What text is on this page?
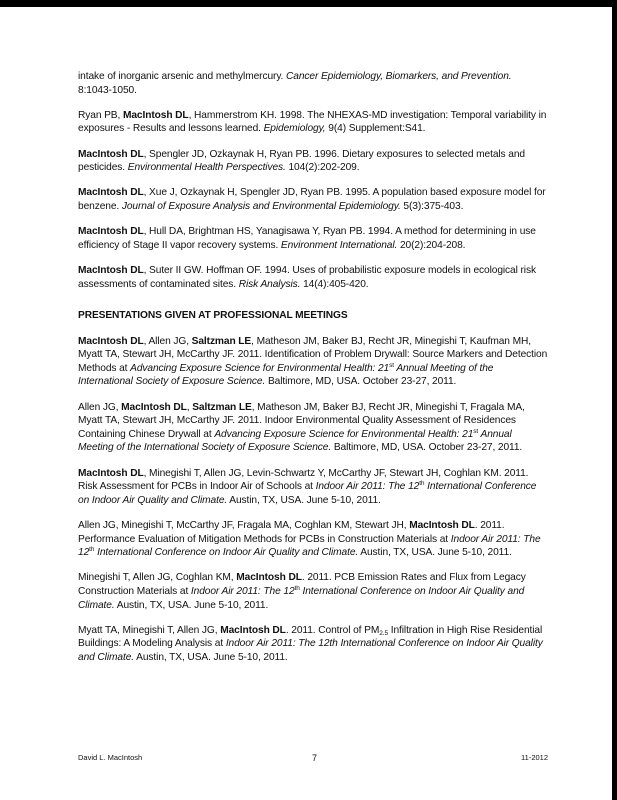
intake of inorganic arsenic and methylmercury. Cancer Epidemiology, Biomarkers, and Prevention. 8:1043-1050.
Ryan PB, MacIntosh DL, Hammerstrom KH. 1998. The NHEXAS-MD investigation: Temporal variability in exposures - Results and lessons learned. Epidemiology, 9(4) Supplement:S41.
MacIntosh DL, Spengler JD, Ozkaynak H, Ryan PB. 1996. Dietary exposures to selected metals and pesticides. Environmental Health Perspectives. 104(2):202-209.
MacIntosh DL, Xue J, Ozkaynak H, Spengler JD, Ryan PB. 1995. A population based exposure model for benzene. Journal of Exposure Analysis and Environmental Epidemiology. 5(3):375-403.
MacIntosh DL, Hull DA, Brightman HS, Yanagisawa Y, Ryan PB. 1994. A method for determining in use efficiency of Stage II vapor recovery systems. Environment International. 20(2):204-208.
MacIntosh DL, Suter II GW. Hoffman OF. 1994. Uses of probabilistic exposure models in ecological risk assessments of contaminated sites. Risk Analysis. 14(4):405-420.
PRESENTATIONS GIVEN AT PROFESSIONAL MEETINGS
MacIntosh DL, Allen JG, Saltzman LE, Matheson JM, Baker BJ, Recht JR, Minegishi T, Kaufman MH, Myatt TA, Stewart JH, McCarthy JF. 2011. Identification of Problem Drywall: Source Markers and Detection Methods at Advancing Exposure Science for Environmental Health: 21st Annual Meeting of the International Society of Exposure Science. Baltimore, MD, USA. October 23-27, 2011.
Allen JG, MacIntosh DL, Saltzman LE, Matheson JM, Baker BJ, Recht JR, Minegishi T, Fragala MA, Myatt TA, Stewart JH, McCarthy JF. 2011. Indoor Environmental Quality Assessment of Residences Containing Chinese Drywall at Advancing Exposure Science for Environmental Health: 21st Annual Meeting of the International Society of Exposure Science. Baltimore, MD, USA. October 23-27, 2011.
MacIntosh DL, Minegishi T, Allen JG, Levin-Schwartz Y, McCarthy JF, Stewart JH, Coghlan KM. 2011. Risk Assessment for PCBs in Indoor Air of Schools at Indoor Air 2011: The 12th International Conference on Indoor Air Quality and Climate. Austin, TX, USA. June 5-10, 2011.
Allen JG, Minegishi T, McCarthy JF, Fragala MA, Coghlan KM, Stewart JH, MacIntosh DL. 2011. Performance Evaluation of Mitigation Methods for PCBs in Construction Materials at Indoor Air 2011: The 12th International Conference on Indoor Air Quality and Climate. Austin, TX, USA. June 5-10, 2011.
Minegishi T, Allen JG, Coghlan KM, MacIntosh DL. 2011. PCB Emission Rates and Flux from Legacy Construction Materials at Indoor Air 2011: The 12th International Conference on Indoor Air Quality and Climate. Austin, TX, USA. June 5-10, 2011.
Myatt TA, Minegishi T, Allen JG, MacIntosh DL. 2011. Control of $PM_{2.5}$ Infiltration in High Rise Residential Buildings: A Modeling Analysis at Indoor Air 2011: The 12th International Conference on Indoor Air Quality and Climate. Austin, TX, USA. June 5-10, 2011.
David L. MacIntosh	7	11-2012
